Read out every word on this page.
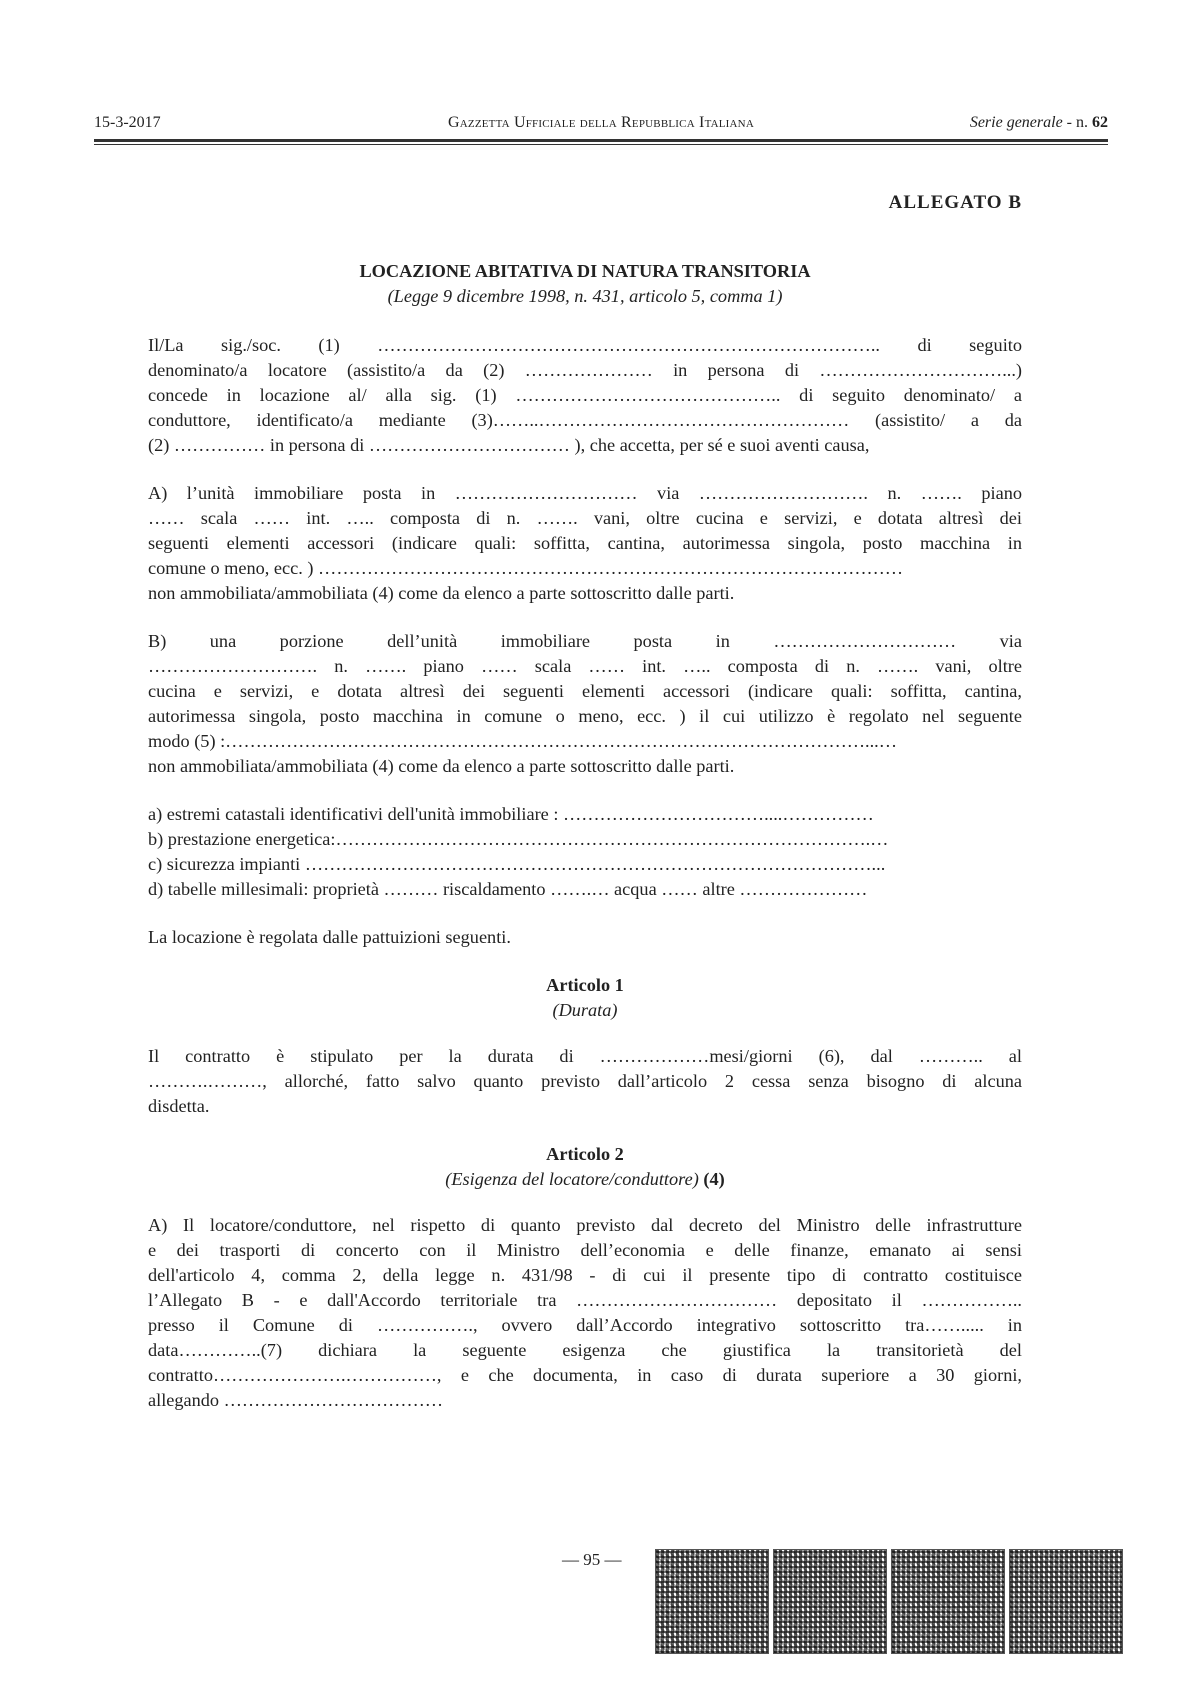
15-3-2017	Gazzetta Ufficiale della Repubblica Italiana	Serie generale - n. 62
ALLEGATO B
LOCAZIONE ABITATIVA DI NATURA TRANSITORIA
(Legge 9 dicembre 1998, n. 431, articolo 5, comma 1)
Il/La sig./soc. (1) ……………………………………………………………………….. di seguito
denominato/a locatore (assistito/a da (2) ………………… in persona di …………………………...)
concede in locazione al/ alla sig. (1) …………………………………….. di seguito denominato/ a
conduttore, identificato/a mediante (3)……..…………………………………………… (assistito/ a da
(2) …………… in persona di …………………………… ), che accetta, per sé e suoi aventi causa,
A) l’unità immobiliare posta in ………………………… via ………………………. n. ……. piano
…… scala …… int. ….. composta di n. ……. vani, oltre cucina e servizi, e dotata altresì dei
seguenti elementi accessori (indicare quali: soffitta, cantina, autorimessa singola, posto macchina in
comune o meno, ecc. ) ……………………………………………………………………………………
non ammobiliata/ammobiliata (4) come da elenco a parte sottoscritto dalle parti.
B) una porzione dell’unità immobiliare posta in ………………………… via
………………………. n. ……. piano …… scala …… int. ….. composta di n. ……. vani, oltre
cucina e servizi, e dotata altresì dei seguenti elementi accessori (indicare quali: soffitta, cantina,
autorimessa singola, posto macchina in comune o meno, ecc. ) il cui utilizzo è regolato nel seguente
modo (5) :……………………………………………………………………………………………...…
non ammobiliata/ammobiliata (4) come da elenco a parte sottoscritto dalle parti.

a) estremi catastali identificativi dell'unità immobiliare : ……………………………....……………

b) prestazione energetica:…………………………………………………………………………….…

c) sicurezza impianti …………………………………………………………………………………...

d) tabelle millesimali: proprietà ……… riscaldamento …….… acqua …… altre …………………

La locazione è regolata dalle pattuizioni seguenti.

Articolo 1
(Durata)
Il contratto è stipulato per la durata di ………………mesi/giorni (6), dal ……….. al
……….………, allorché, fatto salvo quanto previsto dall’articolo 2 cessa senza bisogno di alcuna
disdetta.
Articolo 2
(Esigenza del locatore/conduttore) (4)
A) Il locatore/conduttore, nel rispetto di quanto previsto dal decreto del Ministro delle infrastrutture
e dei trasporti di concerto con il Ministro dell’economia e delle finanze, emanato ai sensi
dell'articolo 4, comma 2, della legge n. 431/98 - di cui il presente tipo di contratto costituisce
l’Allegato B - e dall'Accordo territoriale tra …………………………… depositato il ……………..
presso il Comune di ……………., ovvero dall’Accordo integrativo sottoscritto tra……..... in
data…………..(7) dichiara la seguente esigenza che giustifica la transitorietà del
contratto………………….……………, e che documenta, in caso di durata superiore a 30 giorni,
allegando ………………………………
— 95 —
